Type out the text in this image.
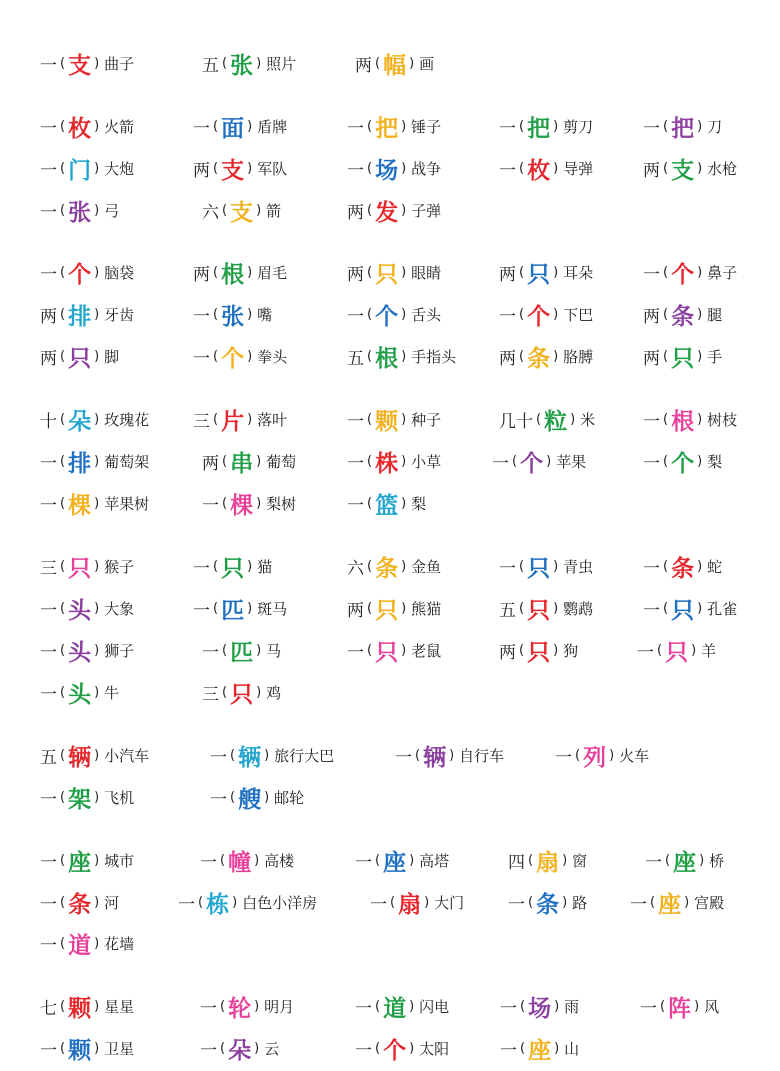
一 ( 支 ) 曲子	五 ( 张 ) 照片	两 ( 幅 ) 画
一 ( 枚 ) 火箭	一 ( 面 ) 盾牌	一 ( 把 ) 锤子	一 ( 把 ) 剪刀	一 ( 把 ) 刀
一 ( 门 ) 大炮	两 ( 支 ) 军队	一 ( 场 ) 战争	一 ( 枚 ) 导弹	两 ( 支 ) 水枪
一 ( 张 ) 弓	六 ( 支 ) 箭	两 ( 发 ) 子弹
一 ( 个 ) 脑袋	两 ( 根 ) 眉毛	两 ( 只 ) 眼睛	两 ( 只 ) 耳朵	一 ( 个 ) 鼻子
两 ( 排 ) 牙齿	一 ( 张 ) 嘴	一 ( 个 ) 舌头	一 ( 个 ) 下巴	两 ( 条 ) 腿
两 ( 只 ) 脚	一 ( 个 ) 拳头	五 ( 根 ) 手指头	两 ( 条 ) 胳膊	两 ( 只 ) 手
十 ( 朵 ) 玫瑰花	三 ( 片 ) 落叶	一 ( 颗 ) 种子	几十 ( 粒 ) 米	一 ( 根 ) 树枝
一 ( 排 ) 葡萄架	两 ( 串 ) 葡萄	一 ( 株 ) 小草	一 ( 个 ) 苹果	一 ( 个 ) 梨
一 ( 棵 ) 苹果树	一 ( 棵 ) 梨树	一 ( 篮 ) 梨
三 ( 只 ) 猴子	一 ( 只 ) 猫	六 ( 条 ) 金鱼	一 ( 只 ) 青虫	一 ( 条 ) 蛇
一 ( 头 ) 大象	一 ( 匹 ) 斑马	两 ( 只 ) 熊猫	五 ( 只 ) 鹦鹉	一 ( 只 ) 孔雀
一 ( 头 ) 狮子	一 ( 匹 ) 马	一 ( 只 ) 老鼠	两 ( 只 ) 狗	一 ( 只 ) 羊
一 ( 头 ) 牛	三 ( 只 ) 鸡
五 ( 辆 ) 小汽车	一 ( 辆 ) 旅行大巴	一 ( 辆 ) 自行车	一 ( 列 ) 火车
一 ( 架 ) 飞机	一 ( 艘 ) 邮轮
一 ( 座 ) 城市	一 ( 幢 ) 高楼	一 ( 座 ) 高塔	四 ( 扇 ) 窗	一 ( 座 ) 桥
一 ( 条 ) 河	一 ( 栋 ) 白色小洋房	一 ( 扇 ) 大门	一 ( 条 ) 路	一 ( 座 ) 宫殿
一 ( 道 ) 花墙
七 ( 颗 ) 星星	一 ( 轮 ) 明月	一 ( 道 ) 闪电	一 ( 场 ) 雨	一 ( 阵 ) 风
一 ( 颗 ) 卫星	一 ( 朵 ) 云	一 ( 个 ) 太阳	一 ( 座 ) 山
